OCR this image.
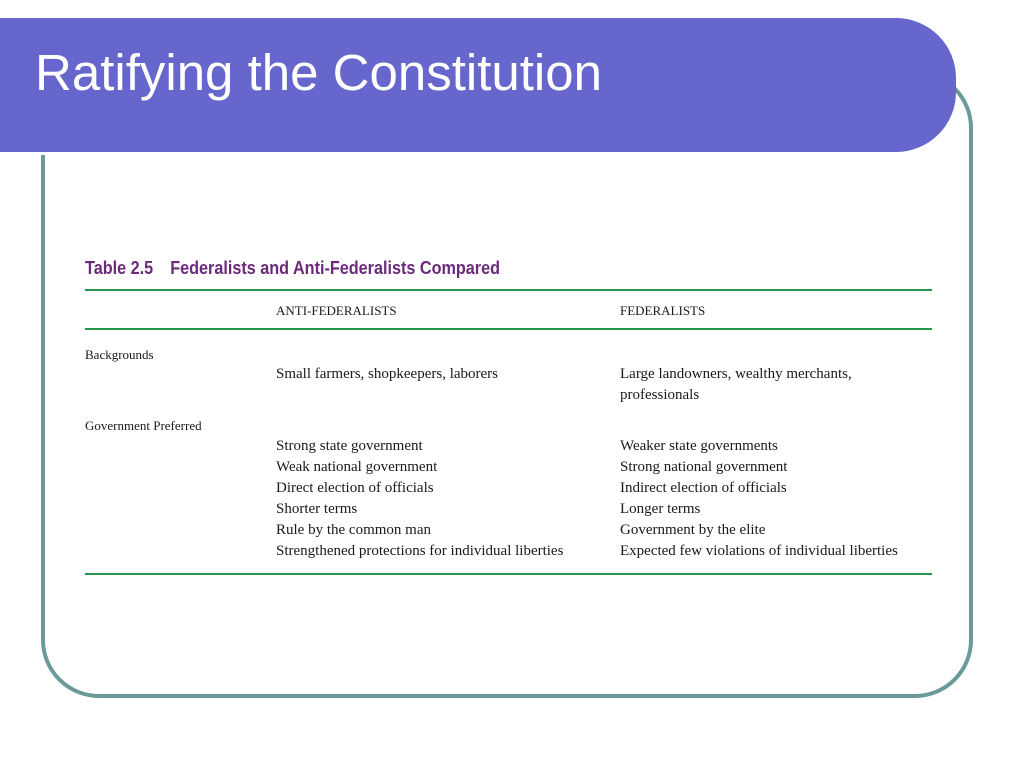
Ratifying the Constitution
Table 2.5 Federalists and Anti-Federalists Compared
ANTI-FEDERALISTS	FEDERALISTS
Backgrounds
Small farmers, shopkeepers, laborers	Large landowners, wealthy merchants,
professionals
Government Preferred
Strong state government
Weak national government
Direct election of officials
Shorter terms
Rule by the common man
Strengthened protections for individual liberties
Weaker state governments
Strong national government
Indirect election of officials
Longer terms
Government by the elite
Expected few violations of individual liberties
